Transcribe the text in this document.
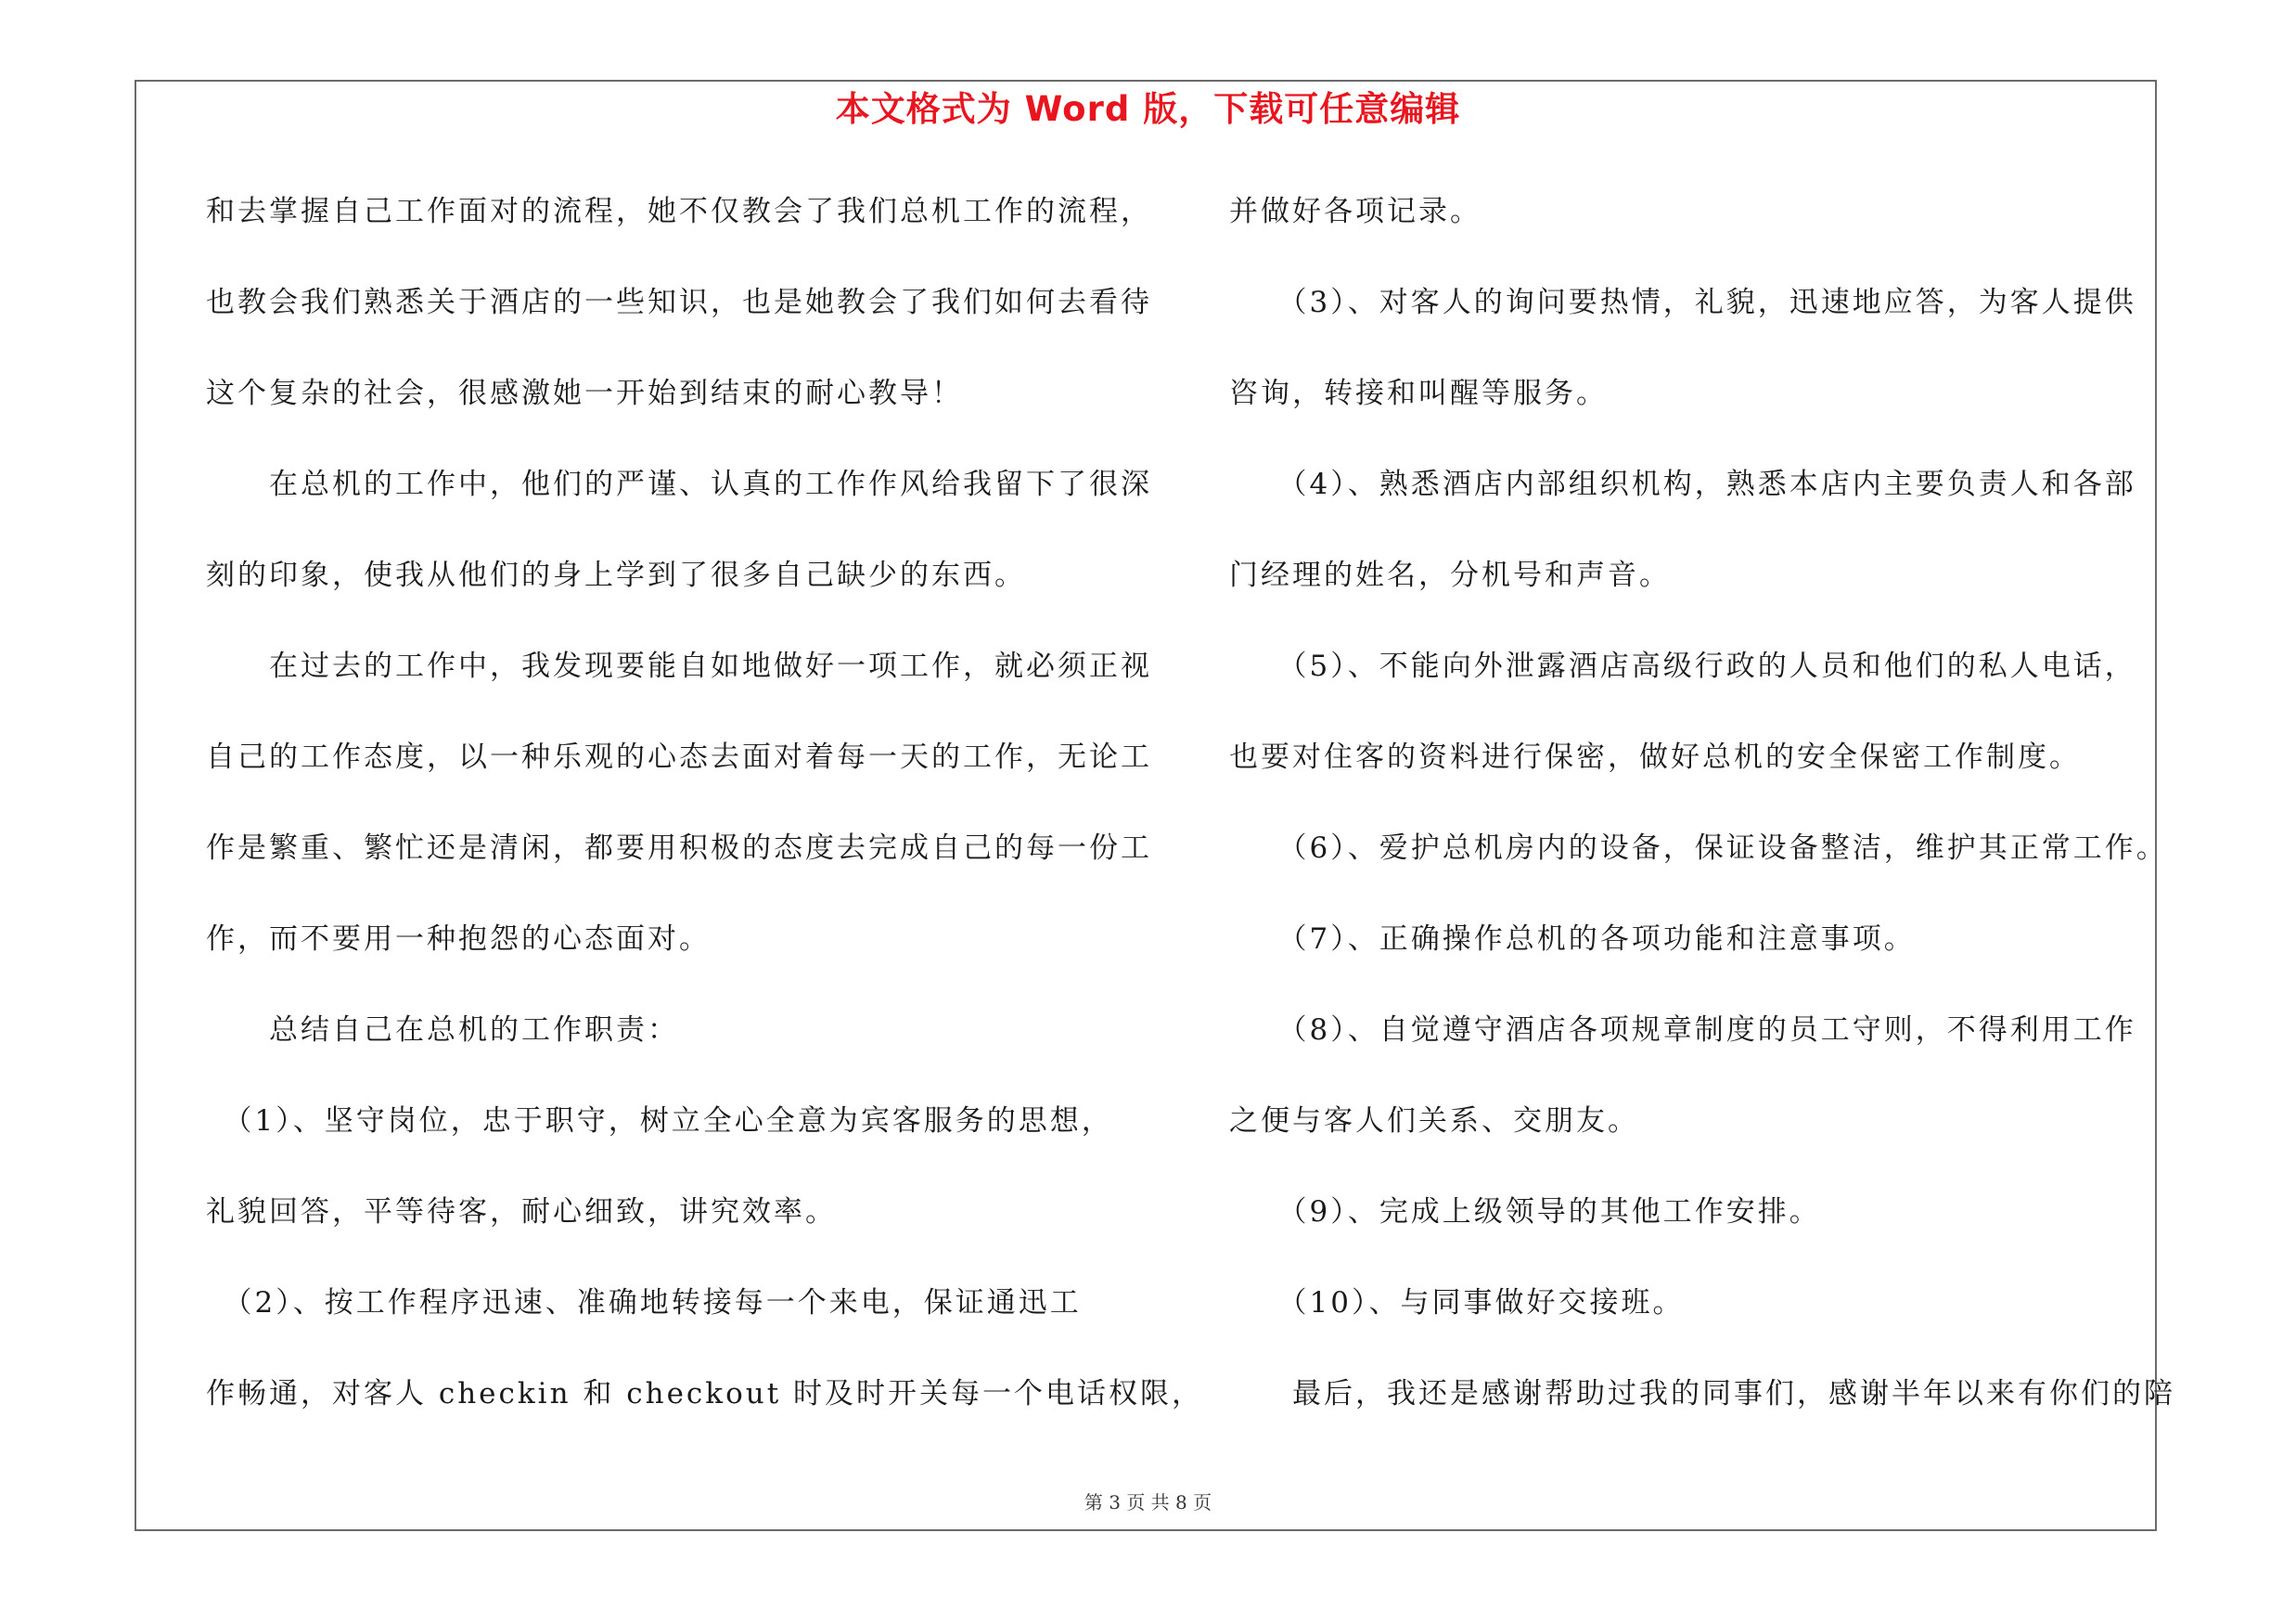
本文格式为 Word 版，下载可任意编辑
和去掌握自己工作面对的流程，她不仅教会了我们总机工作的流程，
也教会我们熟悉关于酒店的一些知识，也是她教会了我们如何去看待
这个复杂的社会，很感激她一开始到结束的耐心教导！
　　在总机的工作中，他们的严谨、认真的工作作风给我留下了很深
刻的印象，使我从他们的身上学到了很多自己缺少的东西。
　　在过去的工作中，我发现要能自如地做好一项工作，就必须正视
自己的工作态度，以一种乐观的心态去面对着每一天的工作，无论工
作是繁重、繁忙还是清闲，都要用积极的态度去完成自己的每一份工
作，而不要用一种抱怨的心态面对。
　　总结自己在总机的工作职责：
　（1）、坚守岗位，忠于职守，树立全心全意为宾客服务的思想，
礼貌回答，平等待客，耐心细致，讲究效率。
　（2）、按工作程序迅速、准确地转接每一个来电，保证通迅工
作畅通，对客人 checkin 和 checkout 时及时开关每一个电话权限，
并做好各项记录。
　　（3）、对客人的询问要热情，礼貌，迅速地应答，为客人提供
咨询，转接和叫醒等服务。
　　（4）、熟悉酒店内部组织机构，熟悉本店内主要负责人和各部
门经理的姓名，分机号和声音。
　　（5）、不能向外泄露酒店高级行政的人员和他们的私人电话，
也要对住客的资料进行保密，做好总机的安全保密工作制度。
　　（6）、爱护总机房内的设备，保证设备整洁，维护其正常工作。
　　（7）、正确操作总机的各项功能和注意事项。
　　（8）、自觉遵守酒店各项规章制度的员工守则，不得利用工作
之便与客人们关系、交朋友。
　　（9）、完成上级领导的其他工作安排。
　　（10）、与同事做好交接班。
　　最后，我还是感谢帮助过我的同事们，感谢半年以来有你们的陪
第 3 页 共 8 页
